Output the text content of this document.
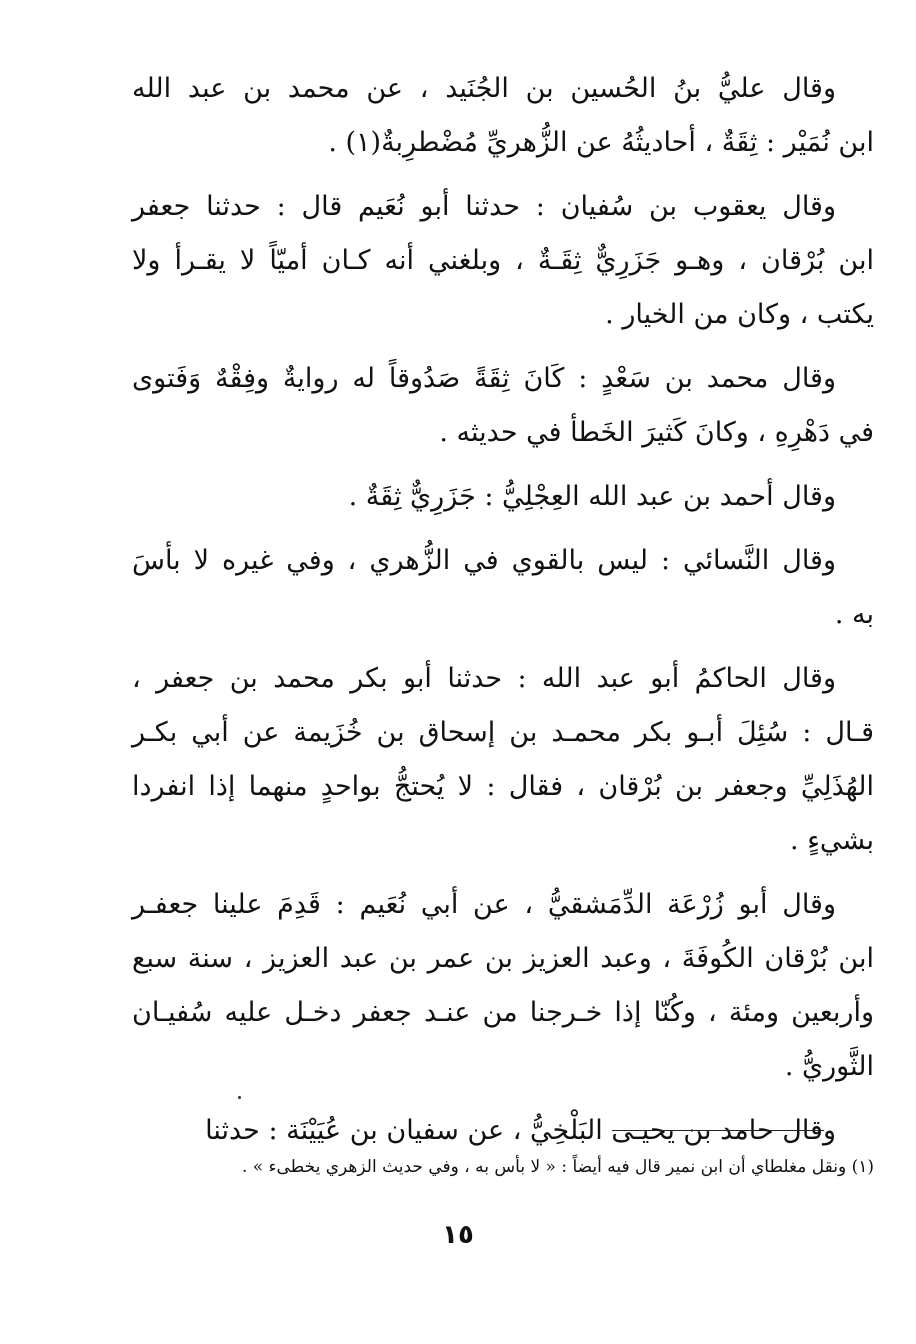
وقال عليُّ بنُ الحُسين بن الجُنَيد ، عن محمد بن عبد الله
ابن نُمَيْر : ثِقَةٌ ، أحاديثُهُ عن الزُّهريِّ مُضْطرِبةٌ(١) .

وقال يعقوب بن سُفيان : حدثنا أبو نُعَيم قال : حدثنا جعفر
ابن بُرْقان ، وهـو جَزَرِيٌّ ثِقَـةٌ ، وبلغني أنه كـان أميّاً لا يقـرأ ولا
يكتب ، وكان من الخيار .

وقال محمد بن سَعْدٍ : كَانَ ثِقَةً صَدُوقاً له روايةٌ وفِقْهٌ وَفَتوى
في دَهْرِهِ ، وكانَ كَثيرَ الخَطأ في حديثه .

وقال أحمد بن عبد الله العِجْلِيُّ : جَزَرِيٌّ ثِقَةٌ .

وقال النَّسائي : ليس بالقوي في الزُّهري ، وفي غيره لا بأسَ
به .

وقال الحاكمُ أبو عبد الله : حدثنا أبو بكر محمد بن جعفر ،
قـال : سُئِلَ أبـو بكر محمـد بن إسحاق بن خُزَيمة عن أبي بكـر
الهُذَلِيِّ وجعفر بن بُرْقان ، فقال : لا يُحتجُّ بواحدٍ منهما إذا انفردا
بشيءٍ .

وقال أبو زُرْعَة الدِّمَشقيُّ ، عن أبي نُعَيم : قَدِمَ علينا جعفـر
ابن بُرْقان الكُوفَةَ ، وعبد العزيز بن عمر بن عبد العزيز ، سنة سبع
وأربعين ومئة ، وكُنّا إذا خـرجنا من عنـد جعفر دخـل عليه سُفيـان
الثَّوريُّ .

وقال حامد بن يحيـى البَلْخِيُّ ، عن سفيان بن عُيَيْنَة : حدثنا

(١) ونقل مغلطاي أن ابن نمير قال فيه أيضاً : « لا بأس به ، وفي حديث الزهري يخطىء » .
١٥
